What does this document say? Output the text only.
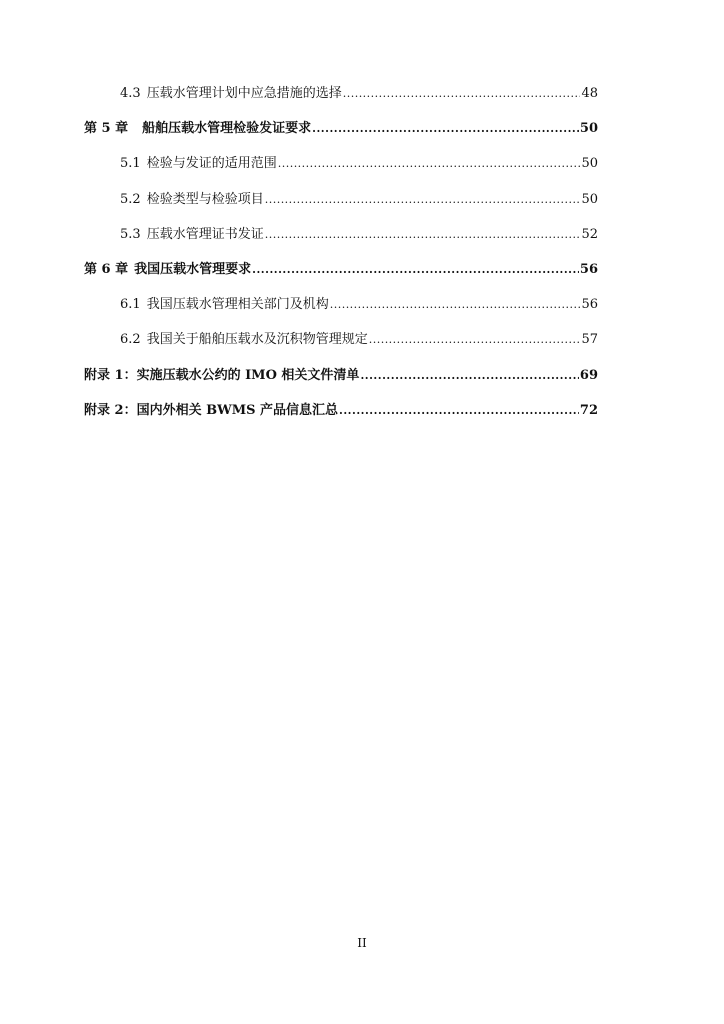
4.3 压载水管理计划中应急措施的选择 .....	48
第 5 章 船舶压载水管理检验发证要求 .....	50
5.1 检验与发证的适用范围 .....	50
5.2 检验类型与检验项目 .....	50
5.3 压载水管理证书发证 .....	52
第 6 章 我国压载水管理要求 .....	56
6.1 我国压载水管理相关部门及机构 .....	56
6.2 我国关于船舶压载水及沉积物管理规定 .....	57
附录 1：实施压载水公约的 IMO 相关文件清单 .....	69
附录 2：国内外相关 BWMS 产品信息汇总 .....	72
II
